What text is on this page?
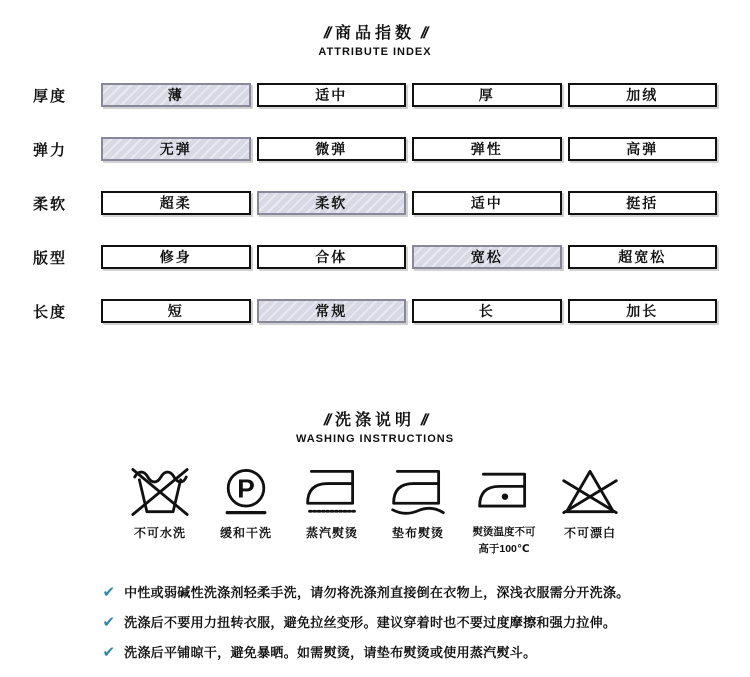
// 商品指数 //
ATTRIBUTE INDEX
厚度	薄	适中	厚	加绒
弹力	无弹	微弹	弹性	高弹
柔软	超柔	柔软	适中	挺括
版型	修身	合体	宽松	超宽松
长度	短	常规	长	加长
// 洗涤说明 //
WASHING INSTRUCTIONS
不可水洗
P
缓和干洗	蒸汽熨烫	垫布熨烫	熨烫温度不可
高于100℃
不可漂白
✔ 中性或弱碱性洗涤剂轻柔手洗，请勿将洗涤剂直接倒在衣物上，深浅衣服需分开洗涤。
✔ 洗涤后不要用力扭转衣服，避免拉丝变形。建议穿着时也不要过度摩擦和强力拉伸。
✔ 洗涤后平铺晾干，避免暴晒。如需熨烫，请垫布熨烫或使用蒸汽熨斗。
